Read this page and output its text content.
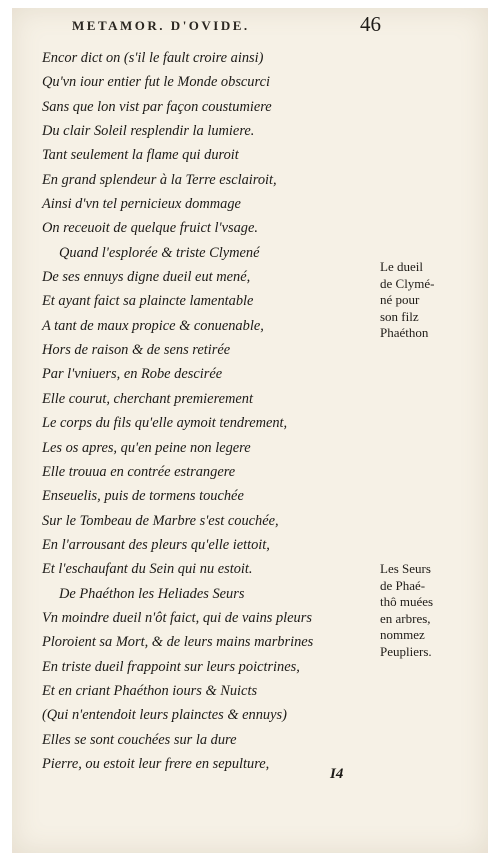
METAMOR. D'OVIDE.	46
Encor dict on (s'il le fault croire ainsi)
Qu'vn iour entier fut le Monde obscurci
Sans que lon vist par façon coustumiere
Du clair Soleil resplendir la lumiere.
Tant seulement la flame qui duroit
En grand splendeur à la Terre esclairoit,
Ainsi d'vn tel pernicieux dommage
On receuoit de quelque fruict l'vsage.
Quand l'esplorée & triste Clymené
De ses ennuys digne dueil eut mené,
Et ayant faict sa plaincte lamentable
A tant de maux propice & conuenable,
Hors de raison & de sens retirée
Par l'vniuers, en Robe descirée
Elle courut, cherchant premierement
Le corps du fils qu'elle aymoit tendrement,
Les os apres, qu'en peine non legere
Elle trouua en contrée estrangere
Enseuelis, puis de tormens touchée
Sur le Tombeau de Marbre s'est couchée,
En l'arrousant des pleurs qu'elle iettoit,
Et l'eschaufant du Sein qui nu estoit.
De Phaéthon les Heliades Seurs
Vn moindre dueil n'ôt faict, qui de vains pleurs
Ploroient sa Mort, & de leurs mains marbrines
En triste dueil frappoint sur leurs poictrines,
Et en criant Phaéthon iours & Nuicts
(Qui n'entendoit leurs plainctes & ennuys)
Elles se sont couchées sur la dure
Pierre, ou estoit leur frere en sepulture,
Le dueil
de Clymé-
né pour
son filz
Phaéthon
Les Seurs
de Phaé-
thô muées
en arbres,
nommez
Peupliers.
I4
